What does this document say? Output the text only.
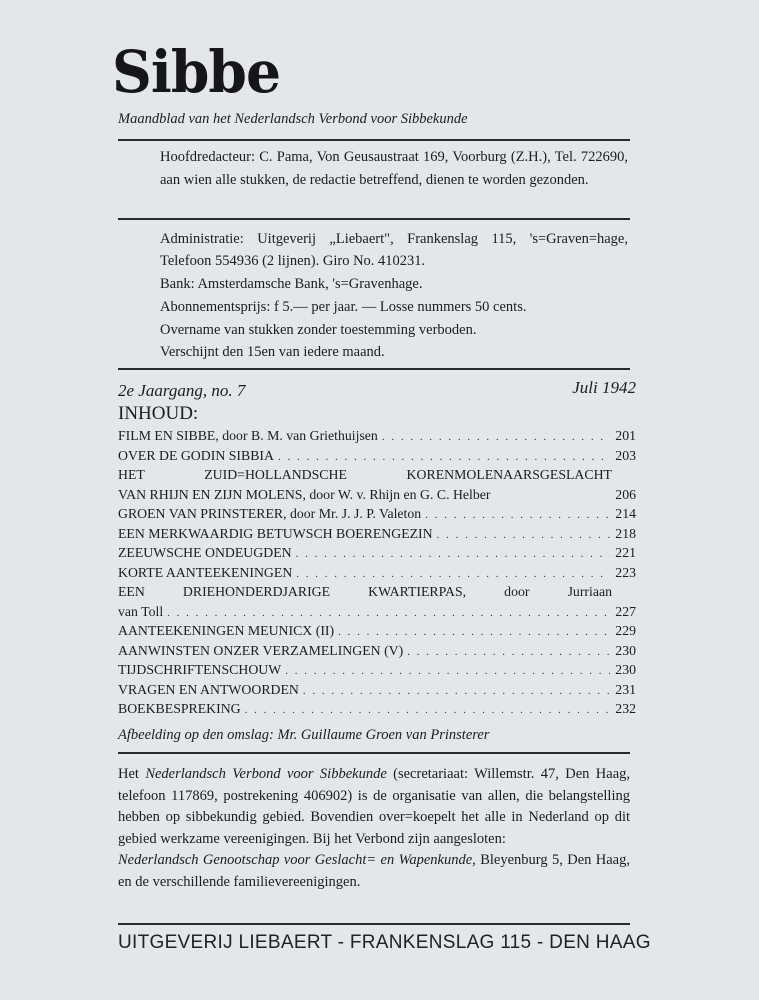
Sibbe
Maandblad van het Nederlandsch Verbond voor Sibbekunde

Hoofdredacteur: C. Pama, Von Geusaustraat 169, Voorburg (Z.H.), Tel. 722690, aan wien alle stukken, de redactie betreffend, dienen te worden gezonden.

Administratie: Uitgeverij „Liebaert", Frankenslag 115, 's=Graven=hage, Telefoon 554936 (2 lijnen). Giro No. 410231.

Bank: Amsterdamsche Bank, 's=Gravenhage.

Abonnementsprijs: f 5.— per jaar. — Losse nummers 50 cents.

Overname van stukken zonder toestemming verboden.

Verschijnt den 15en van iedere maand.

2e Jaargang, no. 7	Juli 1942
INHOUD:
FILM EN SIBBE, door B. M. van Griethuijsen . . .	201
OVER DE GODIN SIBBIA . . .	203
HET ZUID=HOLLANDSCHE KORENMOLENAARSGESLACHT
VAN RHIJN EN ZIJN MOLENS, door W. v. Rhijn en G. C. Helber	206
GROEN VAN PRINSTERER, door Mr. J. J. P. Valeton . . .	214
EEN MERKWAARDIG BETUWSCH BOERENGEZIN . . .	218
ZEEUWSCHE ONDEUGDEN . . .	221
KORTE AANTEEKENINGEN . . .	223
EEN DRIEHONDERDJARIGE KWARTIERPAS, door Jurriaan
van Toll . . .	227
AANTEEKENINGEN MEUNICX (II) . . .	229
AANWINSTEN ONZER VERZAMELINGEN (V) . . .	230
TIJDSCHRIFTENSCHOUW . . .	230
VRAGEN EN ANTWOORDEN . . .	231
BOEKBESPREKING . . .	232
Afbeelding op den omslag: Mr. Guillaume Groen van Prinsterer

Het Nederlandsch Verbond voor Sibbekunde (secretariaat: Willemstr. 47, Den Haag, telefoon 117869, postrekening 406902) is de organisatie van allen, die belangstelling hebben op sibbekundig gebied. Bovendien over=koepelt het alle in Nederland op dit gebied werkzame vereenigingen. Bij het Verbond zijn aangesloten:

Nederlandsch Genootschap voor Geslacht= en Wapenkunde, Bleyenburg 5, Den Haag, en de verschillende familievereenigingen.

UITGEVERIJ LIEBAERT - FRANKENSLAG 115 - DEN HAAG
